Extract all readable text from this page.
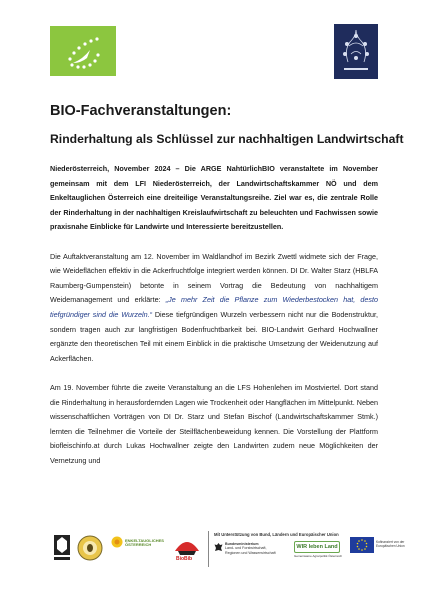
BIO-Fachveranstaltungen:
Rinderhaltung als Schlüssel zur nachhaltigen Landwirtschaft

Niederösterreich, November 2024 – Die ARGE NahtürlichBIO veranstaltete im November gemeinsam mit dem LFI Niederösterreich, der Landwirtschaftskammer NÖ und dem Enkeltauglichen Österreich eine dreiteilige Veranstaltungsreihe. Ziel war es, die zentrale Rolle der Rinderhaltung in der nachhaltigen Kreislaufwirtschaft zu beleuchten und Fachwissen sowie praxisnahe Einblicke für Landwirte und Interessierte bereitzustellen.

Die Auftaktveranstaltung am 12. November im Waldlandhof im Bezirk Zwettl widmete sich der Frage, wie Weideflächen effektiv in die Ackerfruchtfolge integriert werden können. DI Dr. Walter Starz (HBLFA Raumberg-Gumpenstein) betonte in seinem Vortrag die Bedeutung von nachhaltigem Weidemanagement und erklärte: „Je mehr Zeit die Pflanze zum Wiederbestocken hat, desto tiefgründiger sind die Wurzeln.“ Diese tiefgründigen Wurzeln verbessern nicht nur die Bodenstruktur, sondern tragen auch zur langfristigen Bodenfruchtbarkeit bei. BIO-Landwirt Gerhard Hochwallner ergänzte den theoretischen Teil mit einem Einblick in die praktische Umsetzung der Weidenutzung auf Ackerflächen.

Am 19. November führte die zweite Veranstaltung an die LFS Hohenlehen im Mostviertel. Dort stand die Rinderhaltung in herausfordernden Lagen wie Trockenheit oder Hangflächen im Mittelpunkt. Neben wissenschaftlichen Vorträgen von DI Dr. Starz und Stefan Bischof (Landwirtschaftskammer Stmk.) lernten die Teilnehmer die Vorteile der Steilflächenbeweidung kennen. Die Vorstellung der Plattform biofleischinfo.at durch Lukas Hochwallner zeigte den Landwirten zudem neue Möglichkeiten der Vernetzung und

ENKELTAUGLICHES
ÖSTERREICH
BioBib
Mit Unterstützung von Bund, Ländern und Europäischer Union
Bundesministerium
Land- und Forstwirtschaft,
Regionen und Wasserwirtschaft
WIR leben Land
Gemeinsame Agrarpolitik Österreich
Kofinanziert von der
Europäischen Union
